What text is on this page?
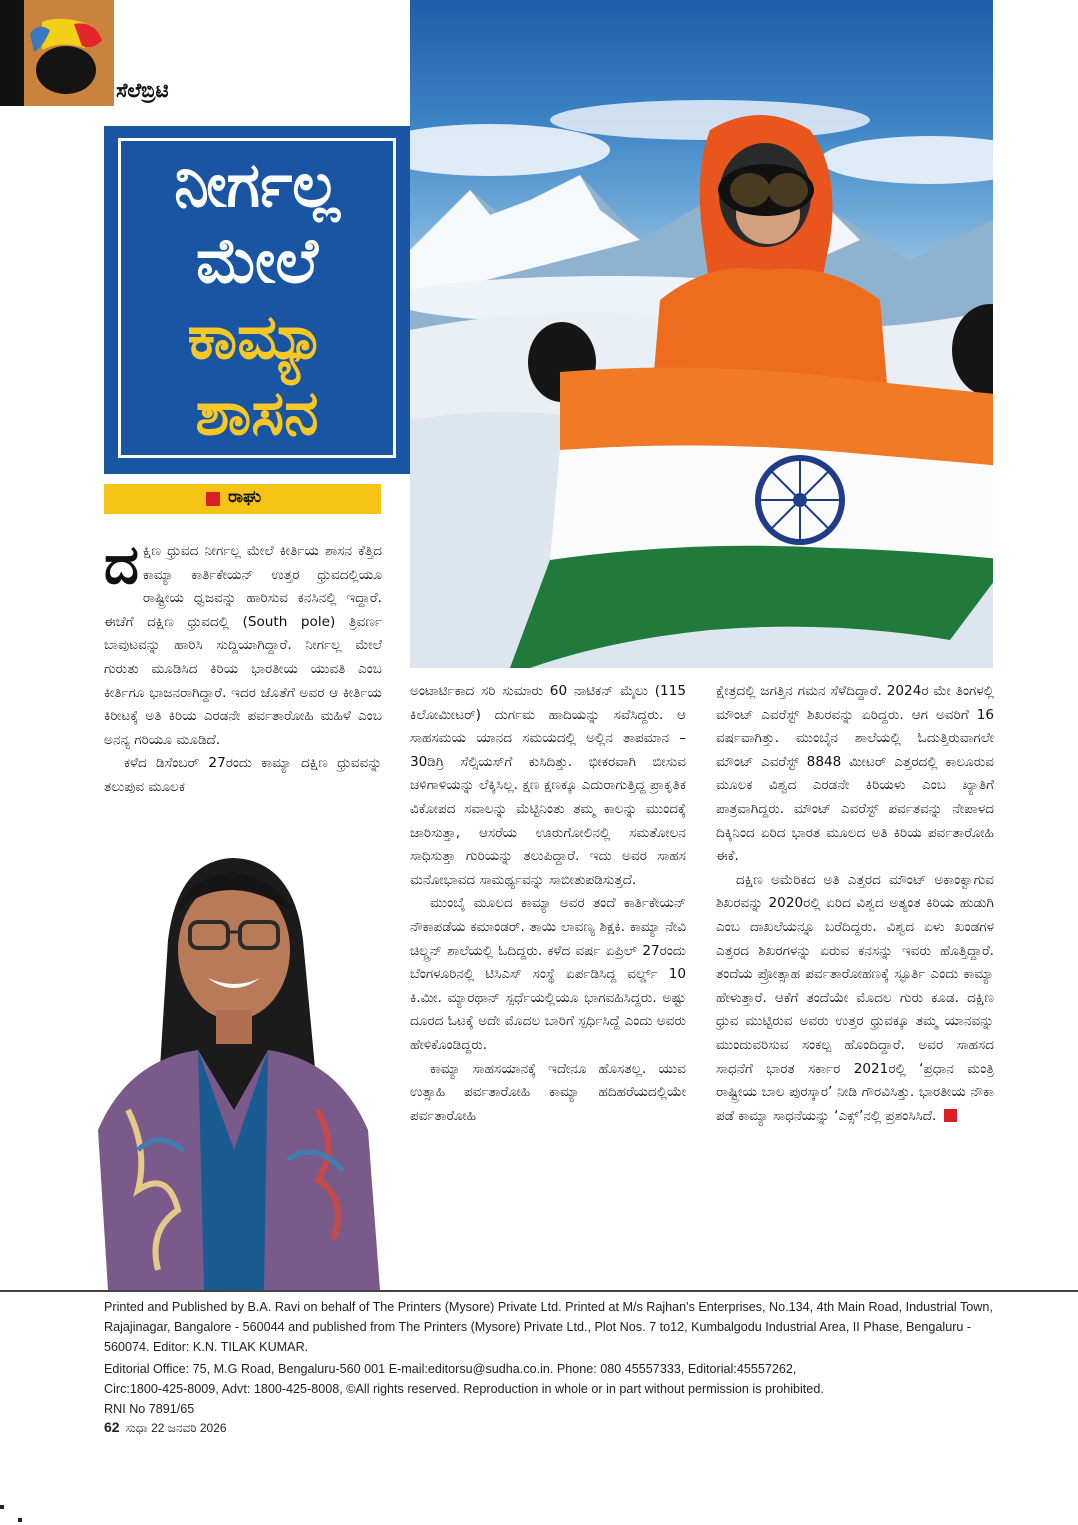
ಸೆಲೆಬ್ರಿಟಿ
ನೀರ್ಗಲ್ಲ
ಮೇಲೆ
ಕಾಮ್ಯಾ
ಶಾಸನ
ರಾಘು

ದಕ್ಷಿಣ ಧ್ರುವದ ನೀರ್ಗಲ್ಲ ಮೇಲೆ ಕೀರ್ತಿಯ ಶಾಸನ ಕೆತ್ತಿದ ಕಾಮ್ಯಾ ಕಾರ್ತಿಕೇಯನ್ ಉತ್ತರ ಧ್ರುವದಲ್ಲಿಯೂ ರಾಷ್ಟ್ರೀಯ ಧ್ವಜವನ್ನು ಹಾರಿಸುವ ಕನಸಿನಲ್ಲಿ ಇದ್ದಾರೆ. ಈಚೆಗೆ ದಕ್ಷಿಣ ಧ್ರುವದಲ್ಲಿ (South pole) ತ್ರಿವರ್ಣ ಬಾವುಟವನ್ನು ಹಾರಿಸಿ ಸುದ್ದಿಯಾಗಿದ್ದಾರೆ. ನೀರ್ಗಲ್ಲ ಮೇಲೆ ಗುರುತು ಮೂಡಿಸಿದ ಕಿರಿಯ ಭಾರತೀಯ ಯುವತಿ ಎಂಬ ಕೀರ್ತಿಗೂ ಭಾಜನರಾಗಿದ್ದಾರೆ. ಇದರ ಜೊತೆಗೆ ಅವರ ಆ ಕೀರ್ತಿಯ ಕಿರೀಟಕ್ಕೆ ಅತಿ ಕಿರಿಯ ಎರಡನೇ ಪರ್ವತಾರೋಹಿ ಮಹಿಳೆ ಎಂಬ ಅನನ್ಯ ಗರಿಯೂ ಮೂಡಿದೆ.

ಕಳೆದ ಡಿಸೆಂಬರ್ 27ರಂದು ಕಾಮ್ಯಾ ದಕ್ಷಿಣ ಧ್ರುವವನ್ನು ತಲುಪುವ ಮೂಲಕ

ಅಂಟಾರ್ಟಿಕಾದ ಸರಿ ಸುಮಾರು 60 ನಾಟಿಕನ್ ಮೈಲು (115 ಕಿಲೋಮೀಟರ್) ದುರ್ಗಮ ಹಾದಿಯನ್ನು ಸವೆಸಿದ್ದರು. ಆ ಸಾಹಸಮಯ ಯಾನದ ಸಮಯದಲ್ಲಿ ಅಲ್ಲಿನ ತಾಪಮಾನ –30ಡಿಗ್ರಿ ಸೆಲ್ಸಿಯಸ್‌ಗೆ ಕುಸಿದಿತ್ತು. ಭೀಕರವಾಗಿ ಬೀಸುವ ಚಳಿಗಾಳಿಯನ್ನು ಲೆಕ್ಕಿಸಿಲ್ಲ. ಕ್ಷಣ ಕ್ಷಣಕ್ಕೂ ಎದುರಾಗುತ್ತಿದ್ದ ಪ್ರಾಕೃತಿಕ ವಿಕೋಪದ ಸವಾಲನ್ನು ಮೆಟ್ಟಿನಿಂತು ತಮ್ಮ ಕಾಲನ್ನು ಮುಂದಕ್ಕೆ ಜಾರಿಸುತ್ತಾ, ಆಸರೆಯ ಊರುಗೋಲಿನಲ್ಲಿ ಸಮತೋಲನ ಸಾಧಿಸುತ್ತಾ ಗುರಿಯನ್ನು ತಲುಪಿದ್ದಾರೆ. ಇದು ಅವರ ಸಾಹಸ ಮನೋಭಾವದ ಸಾಮರ್ಥ್ಯವನ್ನು ಸಾಬೀತುಪಡಿಸುತ್ತದೆ.

ಮುಂಬೈ ಮೂಲದ ಕಾಮ್ಯಾ ಅವರ ತಂದೆ ಕಾರ್ತಿಕೇಯನ್ ನೌಕಾಪಡೆಯ ಕಮಾಂಡರ್. ತಾಯಿ ಲಾವಣ್ಯ ಶಿಕ್ಷಕಿ. ಕಾಮ್ಯಾ ನೇವಿ ಚಿಲ್ಡ್ರನ್ ಶಾಲೆಯಲ್ಲಿ ಓದಿದ್ದರು. ಕಳೆದ ವರ್ಷ ಏಪ್ರಿಲ್ 27ರಂದು ಬೆಂಗಳೂರಿನಲ್ಲಿ ಟಿಸಿಎಸ್ ಸಂಸ್ಥೆ ಏರ್ಪಡಿಸಿದ್ದ ವರ್ಲ್ಡ್ 10 ಕಿ.ಮೀ. ಮ್ಯಾರಥಾನ್ ಸ್ಪರ್ಧೆಯಲ್ಲಿಯೂ ಭಾಗವಹಿಸಿದ್ದರು. ಅಷ್ಟು ದೂರದ ಓಟಕ್ಕೆ ಅದೇ ಮೊದಲ ಬಾರಿಗೆ ಸ್ಪರ್ಧಿಸಿದ್ದೆ ಎಂದು ಅವರು ಹೇಳಿಕೊಂಡಿದ್ದರು.

ಕಾಮ್ಯಾ ಸಾಹಸಯಾನಕ್ಕೆ ಇದೇನೂ ಹೊಸತಲ್ಲ. ಯುವ ಉತ್ಸಾಹಿ ಪರ್ವತಾರೋಹಿ ಕಾಮ್ಯಾ ಹದಿಹರೆಯದಲ್ಲಿಯೇ ಪರ್ವತಾರೋಹಿ

ಕ್ಷೇತ್ರದಲ್ಲಿ ಜಗತ್ತಿನ ಗಮನ ಸೆಳೆದಿದ್ದಾರೆ. 2024ರ ಮೇ ತಿಂಗಳಲ್ಲಿ ಮೌಂಟ್ ಎವರೆಸ್ಟ್ ಶಿಖರವನ್ನು ಏರಿದ್ದರು. ಆಗ ಅವರಿಗೆ 16 ವರ್ಷವಾಗಿತ್ತು. ಮುಂಬೈನ ಶಾಲೆಯಲ್ಲಿ ಓದುತ್ತಿರುವಾಗಲೇ ಮೌಂಟ್ ಎವರೆಸ್ಟ್ 8848 ಮೀಟರ್ ಎತ್ತರದಲ್ಲಿ ಕಾಲೂರುವ ಮೂಲಕ ವಿಶ್ವದ ಎರಡನೇ ಕಿರಿಯಳು ಎಂಬ ಖ್ಯಾತಿಗೆ ಪಾತ್ರವಾಗಿದ್ದರು. ಮೌಂಟ್ ಎವರೆಸ್ಟ್ ಪರ್ವತವನ್ನು ನೇಪಾಳದ ದಿಕ್ಕಿನಿಂದ ಏರಿದ ಭಾರತ ಮೂಲದ ಅತಿ ಕಿರಿಯ ಪರ್ವತಾರೋಹಿ ಈಕೆ.

ದಕ್ಷಿಣ ಅಮೆರಿಕದ ಅತಿ ಎತ್ತರದ ಮೌಂಟ್ ಅಕಾಂಕ್ವಾಗುವ ಶಿಖರವನ್ನು 2020ರಲ್ಲಿ ಏರಿದ ವಿಶ್ವದ ಅತ್ಯಂತ ಕಿರಿಯ ಹುಡುಗಿ ಎಂಬ ದಾಖಲೆಯನ್ನೂ ಬರೆದಿದ್ದರು. ವಿಶ್ವದ ಏಳು ಖಂಡಗಳ ಎತ್ತರದ ಶಿಖರಗಳನ್ನು ಏರುವ ಕನಸನ್ನು ಇವರು ಹೊತ್ತಿದ್ದಾರೆ. ತಂದೆಯ ಪ್ರೋತ್ಸಾಹ ಪರ್ವತಾರೋಹಣಕ್ಕೆ ಸ್ಫೂರ್ತಿ ಎಂದು ಕಾಮ್ಯಾ ಹೇಳುತ್ತಾರೆ. ಆಕೆಗೆ ತಂದೆಯೇ ಮೊದಲ ಗುರು ಕೂಡ. ದಕ್ಷಿಣ ಧ್ರುವ ಮುಟ್ಟಿರುವ ಅವರು ಉತ್ತರ ಧ್ರುವಕ್ಕೂ ತಮ್ಮ ಯಾನವನ್ನು ಮುಂದುವರಿಸುವ ಸಂಕಲ್ಪ ಹೊಂದಿದ್ದಾರೆ. ಅವರ ಸಾಹಸದ ಸಾಧನೆಗೆ ಭಾರತ ಸರ್ಕಾರ 2021ರಲ್ಲಿ ‘ಪ್ರಧಾನ ಮಂತ್ರಿ ರಾಷ್ಟ್ರೀಯ ಬಾಲ ಪುರಸ್ಕಾರ’ ನೀಡಿ ಗೌರವಿಸಿತ್ತು. ಭಾರತೀಯ ನೌಕಾ ಪಡೆ ಕಾಮ್ಯಾ ಸಾಧನೆಯನ್ನು ‘ಎಕ್ಸ್’ನಲ್ಲಿ ಪ್ರಶಂಸಿಸಿದೆ.

Printed and Published by B.A. Ravi on behalf of The Printers (Mysore) Private Ltd. Printed at M/s Rajhan's Enterprises, No.134, 4th Main Road, Industrial Town, Rajajinagar, Bangalore - 560044 and published from The Printers (Mysore) Private Ltd., Plot Nos. 7 to12, Kumbalgodu Industrial Area, II Phase, Bengaluru - 560074. Editor: K.N. TILAK KUMAR.
Editorial Office: 75, M.G Road, Bengaluru-560 001 E-mail:editorsu@sudha.co.in. Phone: 080 45557333, Editorial:45557262,
Circ:1800-425-8009, Advt: 1800-425-8008, ©All rights reserved. Reproduction in whole or in part without permission is prohibited.
RNI No 7891/65
62 ಸುಧಾ 22 ಜನವರಿ 2026
